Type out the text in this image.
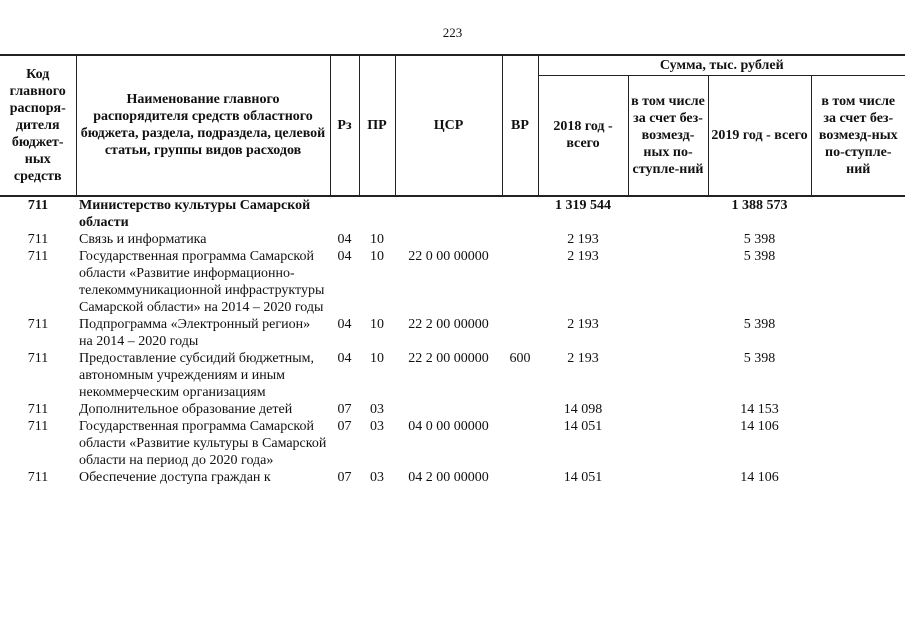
223
Код главного распоря-дителя бюджет-ных средств	Наименование главного распорядителя средств областного бюджета, раздела, подраздела, целевой статьи, группы видов расходов	Рз	ПР	ЦСР	ВР	Сумма, тыс. рублей			
						2018 год - всего	в том числе за счет без-возмезд-ных по-ступле-ний	2019 год - всего	в том числе за счет без-возмезд-ных по-ступле-ний
711	Министерство культуры Самарской области					1 319 544		1 388 573	
711	Связь и информатика	04	10			2 193		5 398	
711	Государственная программа Самарской области «Развитие информационно-телекоммуникационной инфраструктуры Самарской области» на 2014 – 2020 годы	04	10	22 0 00 00000		2 193		5 398	
711	Подпрограмма «Электронный регион» на 2014 – 2020 годы	04	10	22 2 00 00000		2 193		5 398	
711	Предоставление субсидий бюджетным, автономным учреждениям и иным некоммерческим организациям	04	10	22 2 00 00000	600	2 193		5 398	
711	Дополнительное образование детей	07	03			14 098		14 153	
711	Государственная программа Самарской области «Развитие культуры в Самарской области на период до 2020 года»	07	03	04 0 00 00000		14 051		14 106	
711	Обеспечение доступа граждан к	07	03	04 2 00 00000		14 051		14 106	
